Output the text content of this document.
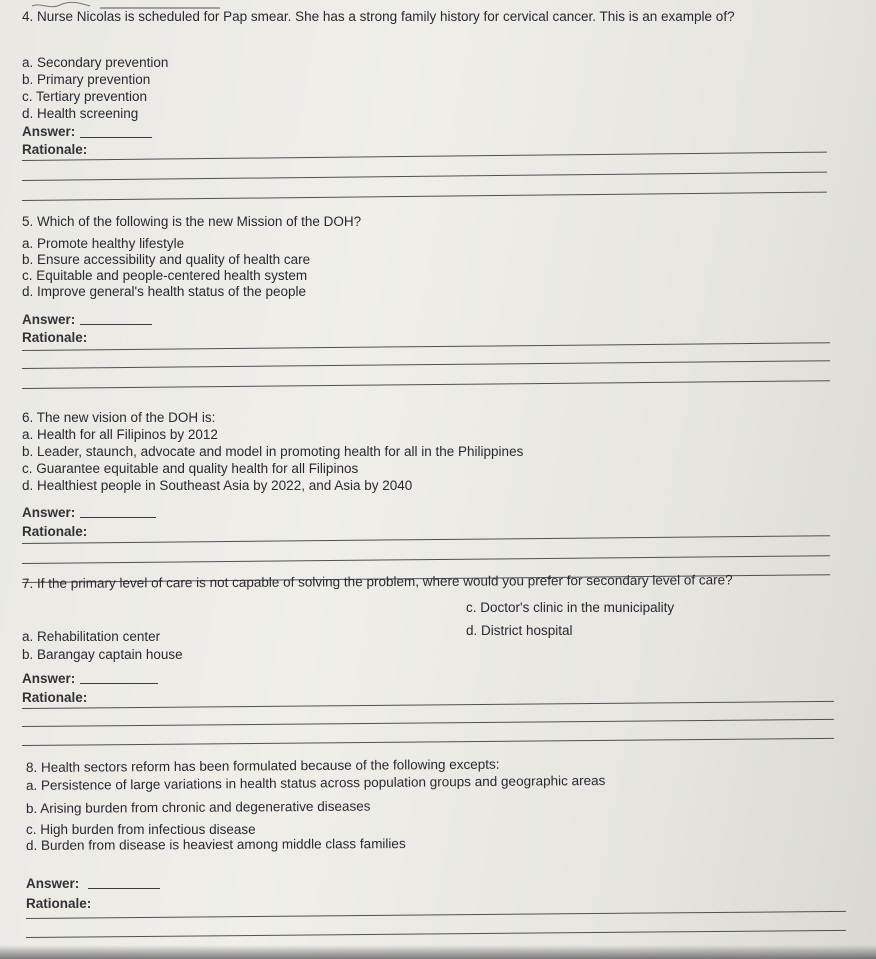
4. Nurse Nicolas is scheduled for Pap smear. She has a strong family history for cervical cancer. This is an example of?
a. Secondary prevention
b. Primary prevention
c. Tertiary prevention
d. Health screening
Answer:
Rationale:
5. Which of the following is the new Mission of the DOH?
a. Promote healthy lifestyle
b. Ensure accessibility and quality of health care
c. Equitable and people-centered health system
d. Improve general's health status of the people
Answer:
Rationale:
6. The new vision of the DOH is:
a. Health for all Filipinos by 2012
b. Leader, staunch, advocate and model in promoting health for all in the Philippines
c. Guarantee equitable and quality health for all Filipinos
d. Healthiest people in Southeast Asia by 2022, and Asia by 2040
Answer:
Rationale:
7. If the primary level of care is not capable of solving the problem, where would you prefer for secondary level of care?
c. Doctor's clinic in the municipality
a. Rehabilitation center	d. District hospital
b. Barangay captain house
Answer:
Rationale:
8. Health sectors reform has been formulated because of the following excepts:
a. Persistence of large variations in health status across population groups and geographic areas
b. Arising burden from chronic and degenerative diseases
c. High burden from infectious disease
d. Burden from disease is heaviest among middle class families
Answer:
Rationale:
